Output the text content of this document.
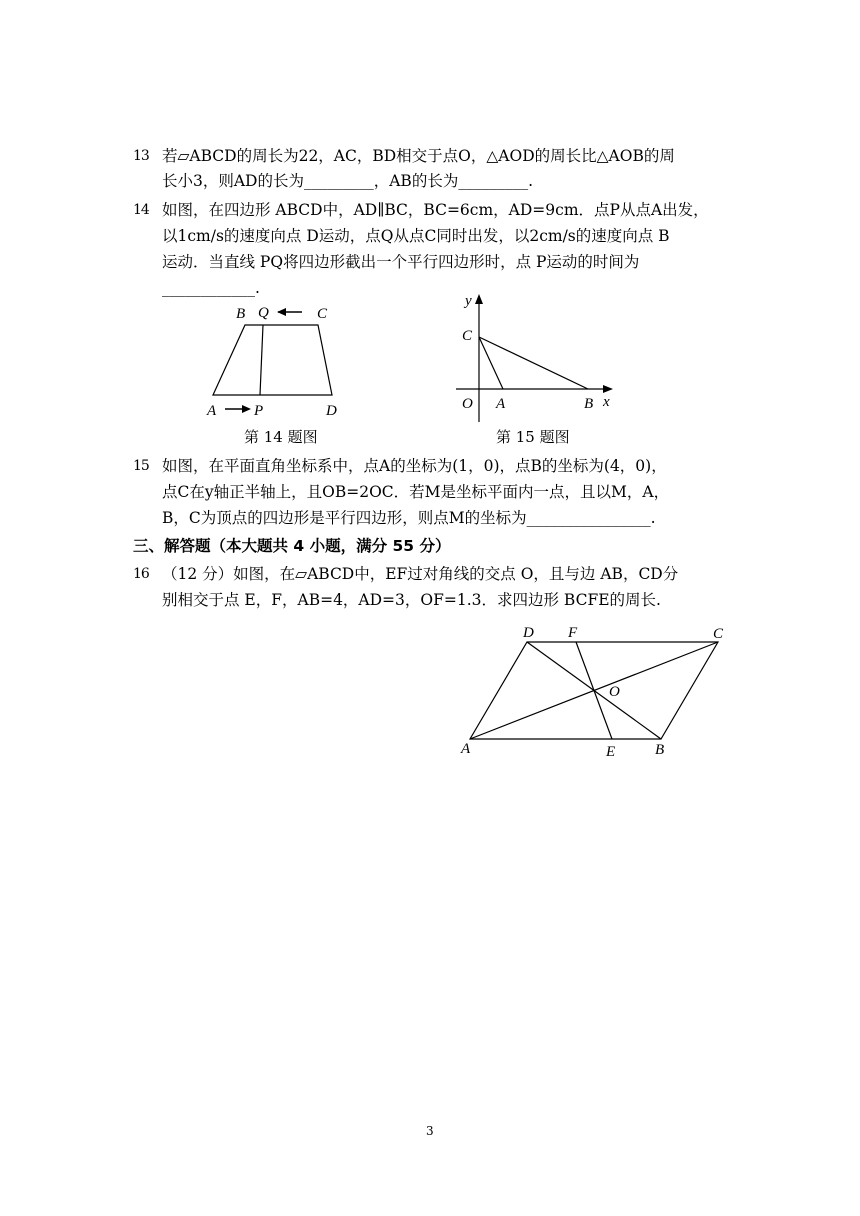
13 若▱ABCD的周长为22，AC，BD相交于点O，△AOD的周长比△AOB的周
长小3，则AD的长为_________，AB的长为_________.
14 如图，在四边形 ABCD中，AD∥BC，BC=6cm，AD=9cm．点P从点A出发，
以1cm/s的速度向点 D运动，点Q从点C同时出发，以2cm/s的速度向点 B
运动．当直线 PQ将四边形截出一个平行四边形时，点 P运动的时间为
____________.
B Q	C
A	P	D
第 14 题图
y
x
C
O A	B
第 15 题图
15 如图，在平面直角坐标系中，点A的坐标为(1，0)，点B的坐标为(4，0)，
点C在y轴正半轴上，且OB=2OC．若M是坐标平面内一点，且以M，A，
B，C为顶点的四边形是平行四边形，则点M的坐标为________________.
三、解答题（本大题共 4 小题，满分 55 分）
16 （12 分）如图，在▱ABCD中，EF过对角线的交点 O，且与边 AB，CD分
别相交于点 E，F，AB=4，AD=3，OF=1.3．求四边形 BCFE的周长.
D F	C
O
A	E	B
3
